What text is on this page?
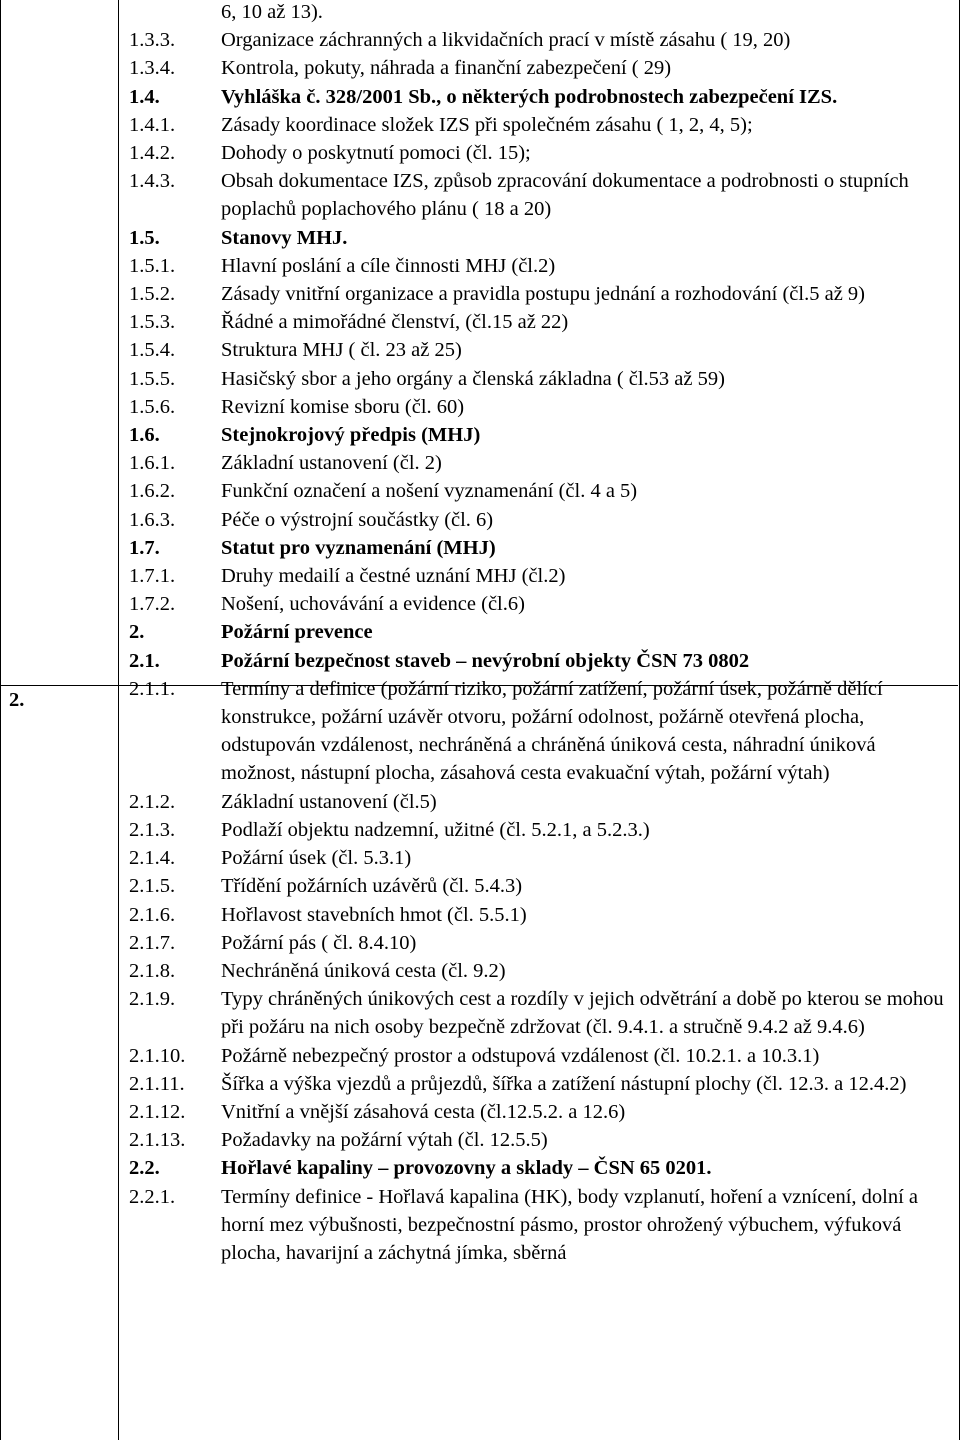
2.
6, 10 až 13).
1.3.3.	Organizace záchranných a likvidačních prací v místě zásahu ( 19, 20)
1.3.4.	Kontrola, pokuty, náhrada a finanční zabezpečení ( 29)
1.4.	Vyhláška č. 328/2001 Sb., o některých podrobnostech zabezpečení IZS.
1.4.1.	Zásady koordinace složek IZS při společném zásahu ( 1, 2, 4, 5);
1.4.2.	Dohody o poskytnutí pomoci (čl. 15);
1.4.3.	Obsah dokumentace IZS, způsob zpracování dokumentace a podrobnosti o stupních poplachů poplachového plánu ( 18 a 20)
1.5.	Stanovy MHJ.
1.5.1.	Hlavní poslání a cíle činnosti MHJ (čl.2)
1.5.2.	Zásady vnitřní organizace a pravidla postupu jednání a rozhodování (čl.5 až 9)
1.5.3.	Řádné a mimořádné členství, (čl.15 až 22)
1.5.4.	Struktura MHJ ( čl. 23 až 25)
1.5.5.	Hasičský sbor a jeho orgány a členská základna ( čl.53 až 59)
1.5.6.	Revizní komise sboru (čl. 60)
1.6.	Stejnokrojový předpis (MHJ)
1.6.1.	Základní ustanovení (čl. 2)
1.6.2.	Funkční označení a nošení vyznamenání (čl. 4 a 5)
1.6.3.	Péče o výstrojní součástky (čl. 6)
1.7.	Statut pro vyznamenání (MHJ)
1.7.1.	Druhy medailí a čestné uznání MHJ (čl.2)
1.7.2.	Nošení, uchovávání a evidence (čl.6)
2.	Požární prevence
2.1.	Požární bezpečnost staveb – nevýrobní objekty ČSN 73 0802
2.1.1.	Termíny a definice (požární riziko, požární zatížení, požární úsek, požárně dělící konstrukce, požární uzávěr otvoru, požární odolnost, požárně otevřená plocha, odstupován vzdálenost, nechráněná a chráněná úniková cesta, náhradní úniková možnost, nástupní plocha, zásahová cesta evakuační výtah, požární výtah)
2.1.2.	Základní ustanovení (čl.5)
2.1.3.	Podlaží objektu nadzemní, užitné (čl. 5.2.1, a 5.2.3.)
2.1.4.	Požární úsek (čl. 5.3.1)
2.1.5.	Třídění požárních uzávěrů (čl. 5.4.3)
2.1.6.	Hořlavost stavebních hmot (čl. 5.5.1)
2.1.7.	Požární pás ( čl. 8.4.10)
2.1.8.	Nechráněná úniková cesta (čl. 9.2)
2.1.9.	Typy chráněných únikových cest a rozdíly v jejich odvětrání a době po kterou se mohou při požáru na nich osoby bezpečně zdržovat (čl. 9.4.1. a stručně 9.4.2 až 9.4.6)
2.1.10.	Požárně nebezpečný prostor a odstupová vzdálenost (čl. 10.2.1. a 10.3.1)
2.1.11.	Šířka a výška vjezdů a průjezdů, šířka a zatížení nástupní plochy (čl. 12.3. a 12.4.2)
2.1.12.	Vnitřní a vnější zásahová cesta (čl.12.5.2. a 12.6)
2.1.13.	Požadavky na požární výtah (čl. 12.5.5)
2.2.	Hořlavé kapaliny – provozovny a sklady – ČSN 65 0201.
2.2.1.	Termíny definice - Hořlavá kapalina (HK), body vzplanutí, hoření a vznícení, dolní a horní mez výbušnosti, bezpečnostní pásmo, prostor ohrožený výbuchem, výfuková plocha, havarijní a záchytná jímka, sběrná
